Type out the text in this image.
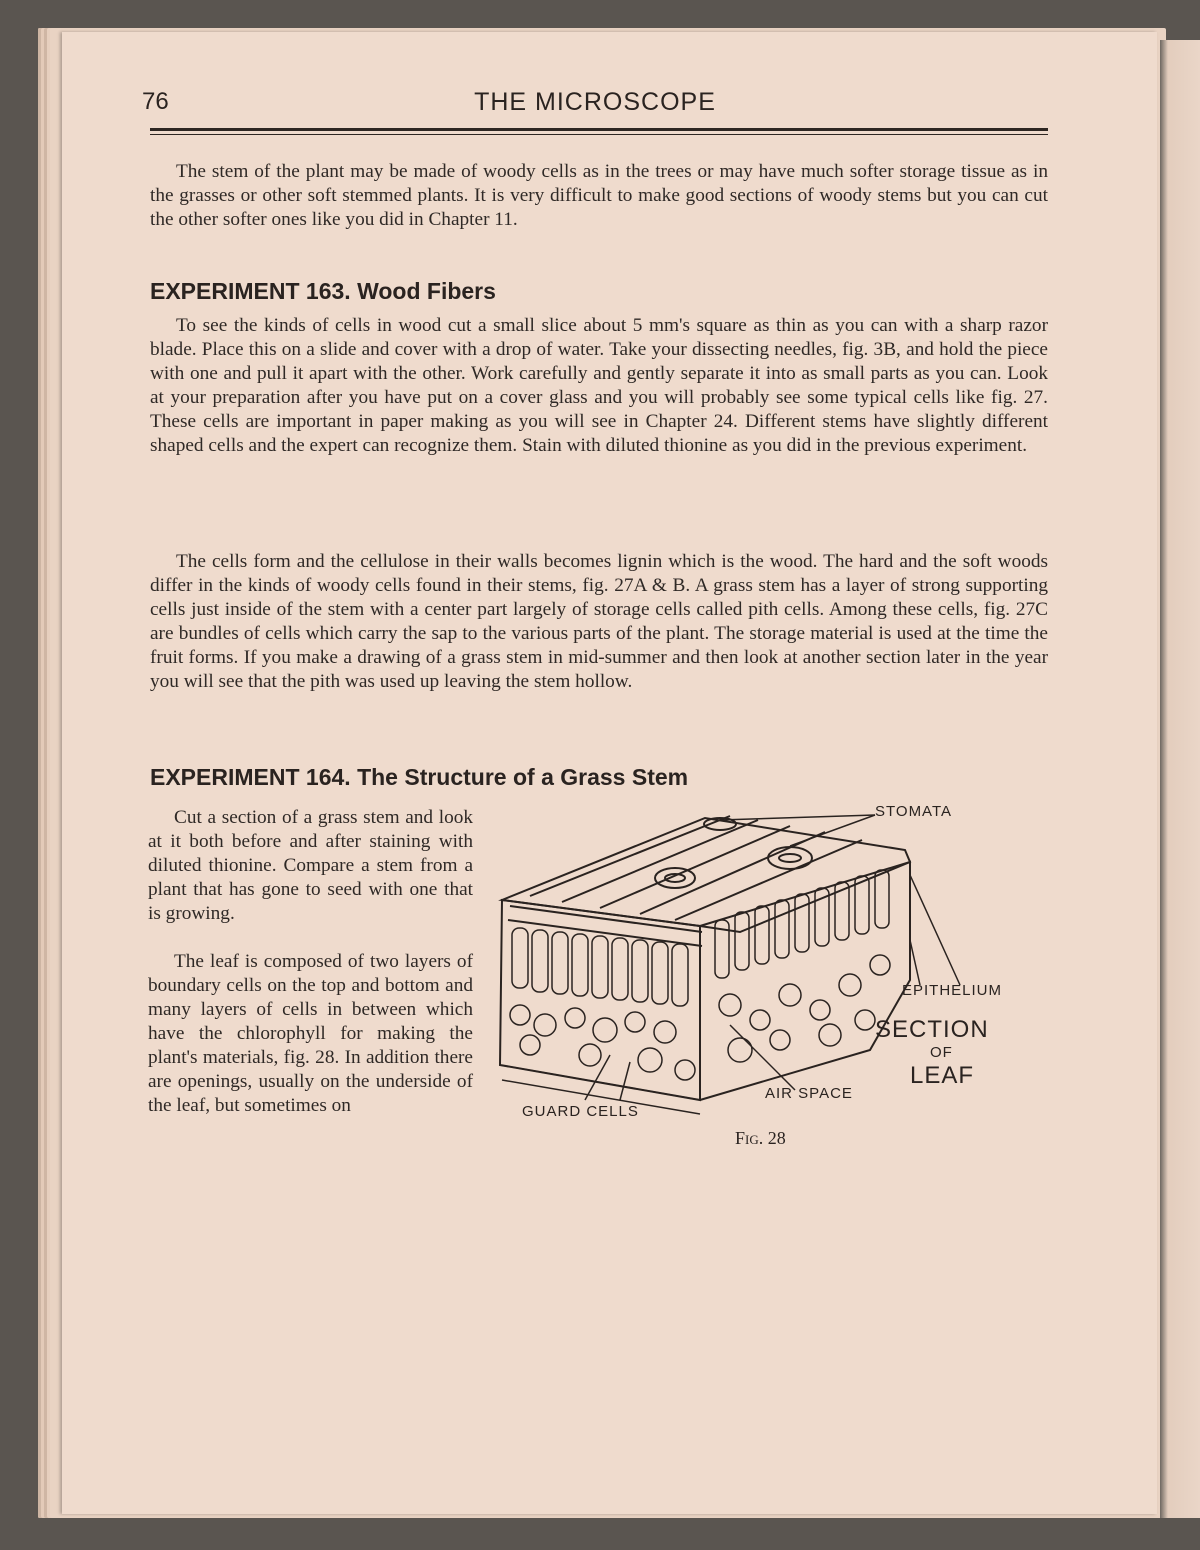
76	THE MICROSCOPE

The stem of the plant may be made of woody cells as in the trees or may have much softer storage tissue as in the grasses or other soft stemmed plants. It is very difficult to make good sections of woody stems but you can cut the other softer ones like you did in Chapter 11.

EXPERIMENT 163. Wood Fibers

To see the kinds of cells in wood cut a small slice about 5 mm's square as thin as you can with a sharp razor blade. Place this on a slide and cover with a drop of water. Take your dissecting needles, fig. 3B, and hold the piece with one and pull it apart with the other. Work carefully and gently separate it into as small parts as you can. Look at your preparation after you have put on a cover glass and you will probably see some typical cells like fig. 27. These cells are important in paper making as you will see in Chapter 24. Different stems have slightly different shaped cells and the expert can recognize them. Stain with diluted thionine as you did in the previous experiment.

The cells form and the cellulose in their walls becomes lignin which is the wood. The hard and the soft woods differ in the kinds of woody cells found in their stems, fig. 27A & B. A grass stem has a layer of strong supporting cells just inside of the stem with a center part largely of storage cells called pith cells. Among these cells, fig. 27C are bundles of cells which carry the sap to the various parts of the plant. The storage material is used at the time the fruit forms. If you make a drawing of a grass stem in mid-summer and then look at another section later in the year you will see that the pith was used up leaving the stem hollow.

EXPERIMENT 164. The Structure of a Grass Stem

Cut a section of a grass stem and look at it both before and after staining with diluted thionine. Compare a stem from a plant that has gone to seed with one that is growing.

The leaf is composed of two layers of boundary cells on the top and bottom and many layers of cells in between which have the chlorophyll for making the plant's materials, fig. 28. In addition there are openings, usually on the underside of the leaf, but sometimes on

STOMATA
EPITHELIUM
SECTION
OF
LEAF
AIR SPACE
GUARD CELLS
Fig. 28
